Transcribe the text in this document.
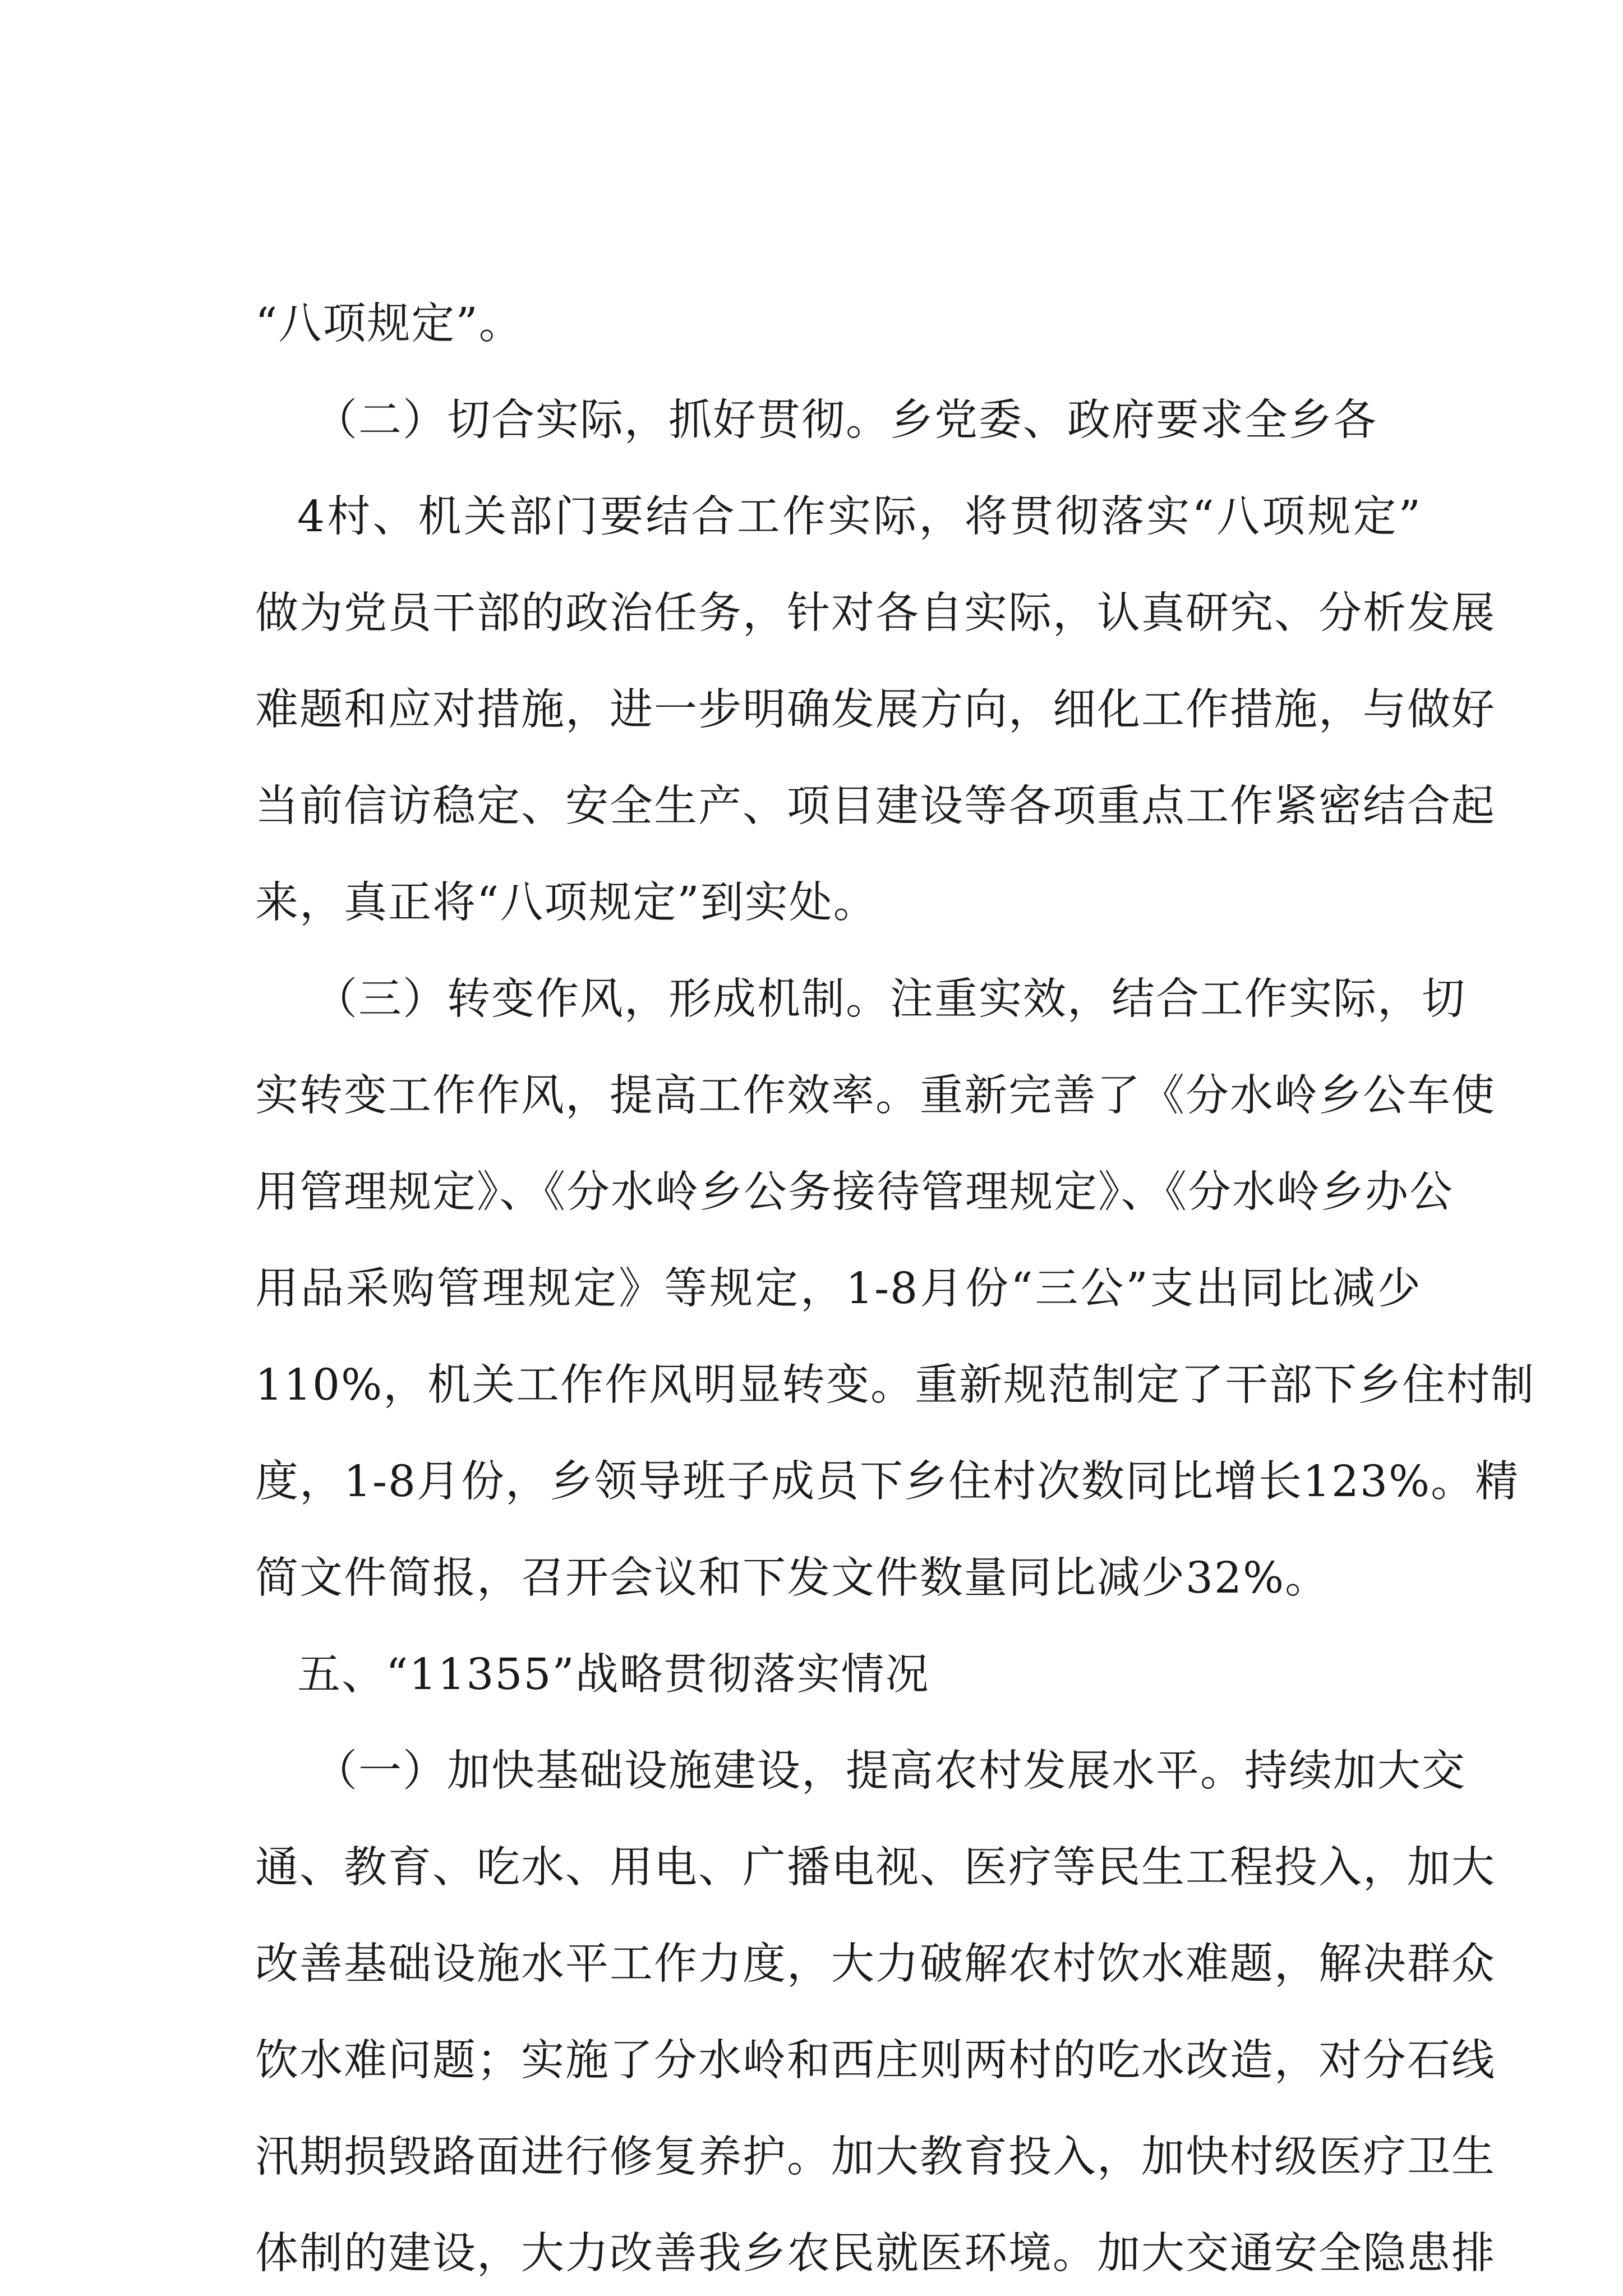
“八项规定”。
（二）切合实际，抓好贯彻。乡党委、政府要求全乡各
4村、机关部门要结合工作实际，将贯彻落实“八项规定”
做为党员干部的政治任务，针对各自实际，认真研究、分析发展
难题和应对措施，进一步明确发展方向，细化工作措施，与做好
当前信访稳定、安全生产、项目建设等各项重点工作紧密结合起
来，真正将“八项规定”到实处。
（三）转变作风，形成机制。注重实效，结合工作实际，切
实转变工作作风，提高工作效率。重新完善了《分水岭乡公车使
用管理规定》、《分水岭乡公务接待管理规定》、《分水岭乡办公
用品采购管理规定》等规定，1-8月份“三公”支出同比减少
110%，机关工作作风明显转变。重新规范制定了干部下乡住村制
度，1-8月份，乡领导班子成员下乡住村次数同比增长123%。精
简文件简报，召开会议和下发文件数量同比减少32%。
五、“11355”战略贯彻落实情况
（一）加快基础设施建设，提高农村发展水平。持续加大交
通、教育、吃水、用电、广播电视、医疗等民生工程投入，加大
改善基础设施水平工作力度，大力破解农村饮水难题，解决群众
饮水难问题；实施了分水岭和西庄则两村的吃水改造，对分石线
汛期损毁路面进行修复养护。加大教育投入，加快村级医疗卫生
体制的建设，大力改善我乡农民就医环境。加大交通安全隐患排
